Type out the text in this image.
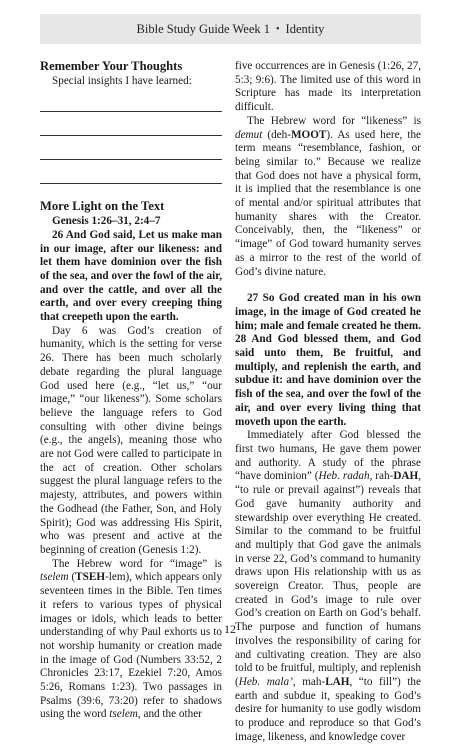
Bible Study Guide Week 1 • Identity
Remember Your Thoughts
Special insights I have learned:
More Light on the Text
Genesis 1:26–31, 2:4–7

26 And God said, Let us make man in our image, after our likeness: and let them have dominion over the fish of the sea, and over the fowl of the air, and over the cattle, and over all the earth, and over every creeping thing that creepeth upon the earth.

Day 6 was God’s creation of humanity, which is the setting for verse 26. There has been much scholarly debate regarding the plural language God used here (e.g., “let us,” “our image,” “our likeness”). Some scholars believe the language refers to God consulting with other divine beings (e.g., the angels), meaning those who are not God were called to participate in the act of creation. Other scholars suggest the plural language refers to the majesty, attributes, and powers within the Godhead (the Father, Son, and Holy Spirit); God was addressing His Spirit, who was present and active at the beginning of creation (Genesis 1:2).

The Hebrew word for “image” is tselem (TSEH-lem), which appears only seventeen times in the Bible. Ten times it refers to various types of physical images or idols, which leads to better understanding of why Paul exhorts us to not worship humanity or creation made in the image of God (Numbers 33:52, 2 Chronicles 23:17, Ezekiel 7:20, Amos 5:26, Romans 1:23). Two passages in Psalms (39:6, 73:20) refer to shadows using the word tselem, and the other

five occurrences are in Genesis (1:26, 27, 5:3; 9:6). The limited use of this word in Scripture has made its interpretation difficult.

The Hebrew word for “likeness” is demut (deh-MOOT). As used here, the term means “resemblance, fashion, or being similar to.” Because we realize that God does not have a physical form, it is implied that the resemblance is one of mental and/or spiritual attributes that humanity shares with the Creator. Conceivably, then, the “likeness” or “image” of God toward humanity serves as a mirror to the rest of the world of God’s divine nature.

27 So God created man in his own image, in the image of God created he him; male and female created he them. 28 And God blessed them, and God said unto them, Be fruitful, and multiply, and replenish the earth, and subdue it: and have dominion over the fish of the sea, and over the fowl of the air, and over every living thing that moveth upon the earth.

Immediately after God blessed the first two humans, He gave them power and authority. A study of the phrase “have dominion” (Heb. radah, rah-DAH, “to rule or prevail against”) reveals that God gave humanity authority and stewardship over everything He created. Similar to the command to be fruitful and multiply that God gave the animals in verse 22, God’s command to humanity draws upon His relationship with us as sovereign Creator. Thus, people are created in God’s image to rule over God’s creation on Earth on God’s behalf. The purpose and function of humans involves the responsibility of caring for and cultivating creation. They are also told to be fruitful, multiply, and replenish (Heb. mala’, mah-LAH, “to fill”) the earth and subdue it, speaking to God’s desire for humanity to use godly wisdom to produce and reproduce so that God’s image, likeness, and knowledge cover

12
